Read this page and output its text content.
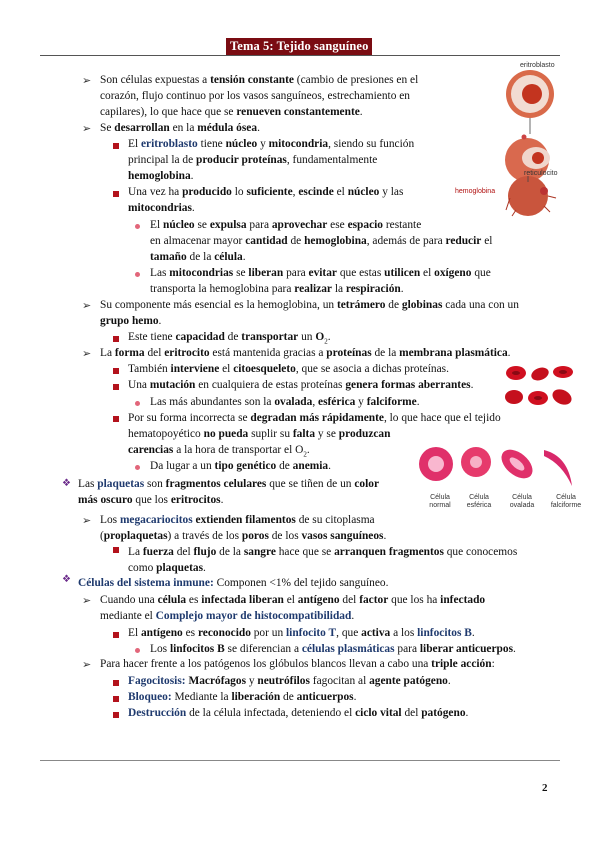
Tema 5: Tejido sanguíneo
eritroblasto
hemoglobina
reticulocito
Célula normal
Célula esférica
Célula ovalada
Célula falciforme
➢
➢
➢
➢
❖
➢
❖
➢
➢
Son células expuestas a tensión constante (cambio de presiones en el
corazón, flujo continuo por los vasos sanguíneos, estrechamiento en
capilares), lo que hace que se renueven constantemente.
Se desarrollan en la médula ósea.
El eritroblasto tiene núcleo y mitocondria, siendo su función
principal la de producir proteínas, fundamentalmente
hemoglobina.
Una vez ha producido lo suficiente, escinde el núcleo y las
mitocondrias.
El núcleo se expulsa para aprovechar ese espacio restante
en almacenar mayor cantidad de hemoglobina, además de para reducir el
tamaño de la célula.
Las mitocondrias se liberan para evitar que estas utilicen el oxígeno que
transporta la hemoglobina para realizar la respiración.
Su componente más esencial es la hemoglobina, un tetrámero de globinas cada una con un
grupo hemo.
Este tiene capacidad de transportar un $O_2$.
La forma del eritrocito está mantenida gracias a proteínas de la membrana plasmática.
También interviene el citoesqueleto, que se asocia a dichas proteínas.
Una mutación en cualquiera de estas proteínas genera formas aberrantes.
Las más abundantes son la ovalada, esférica y falciforme.
Por su forma incorrecta se degradan más rápidamente, lo que hace que el tejido
hematopoyético no pueda suplir su falta y se produzcan
carencias a la hora de transportar el $O_2$.
Da lugar a un tipo genético de anemia.
Las plaquetas son fragmentos celulares que se tiñen de un color
más oscuro que los eritrocitos.
Los megacariocitos extienden filamentos de su citoplasma
(proplaquetas) a través de los poros de los vasos sanguíneos.
La fuerza del flujo de la sangre hace que se arranquen fragmentos que conocemos
como plaquetas.
Células del sistema inmune: Componen <1% del tejido sanguíneo.
Cuando una célula es infectada liberan el antígeno del factor que los ha infectado
mediante el Complejo mayor de histocompatibilidad.
El antígeno es reconocido por un linfocito T, que activa a los linfocitos B.
Los linfocitos B se diferencian a células plasmáticas para liberar anticuerpos.
Para hacer frente a los patógenos los glóbulos blancos llevan a cabo una triple acción:
Fagocitosis: Macrófagos y neutrófilos fagocitan al agente patógeno.
Bloqueo: Mediante la liberación de anticuerpos.
Destrucción de la célula infectada, deteniendo el ciclo vital del patógeno.
2
